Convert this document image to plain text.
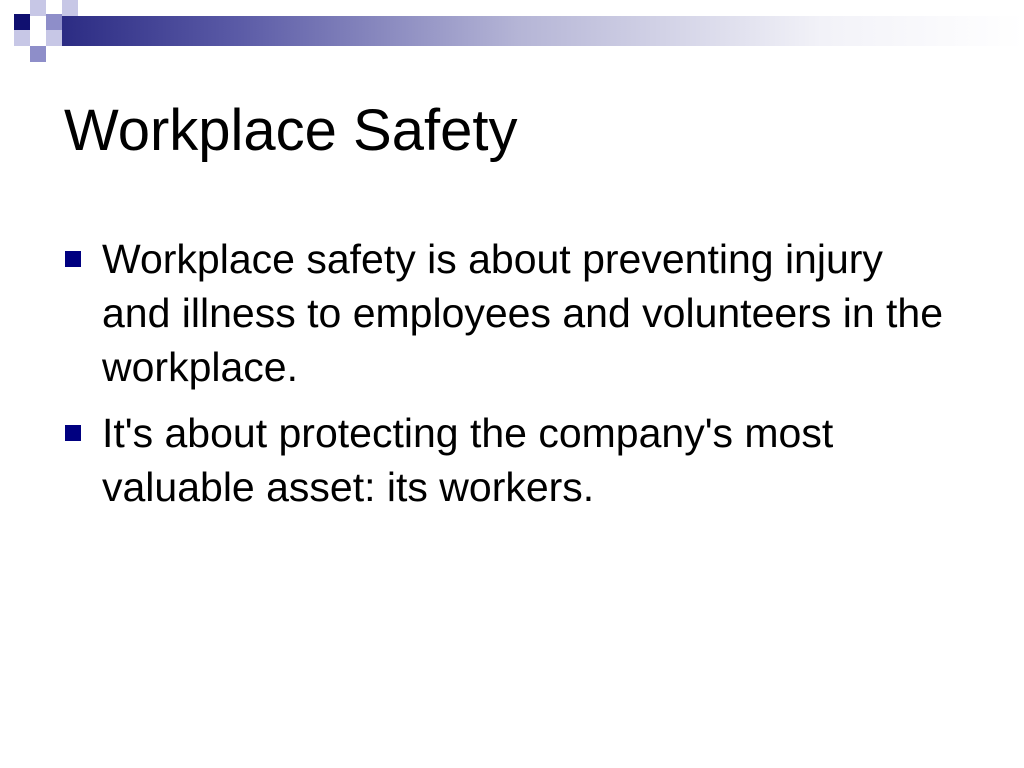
Workplace Safety
Workplace safety is about preventing injury and illness to employees and volunteers in the workplace.
It's about protecting the company's most valuable asset: its workers.
